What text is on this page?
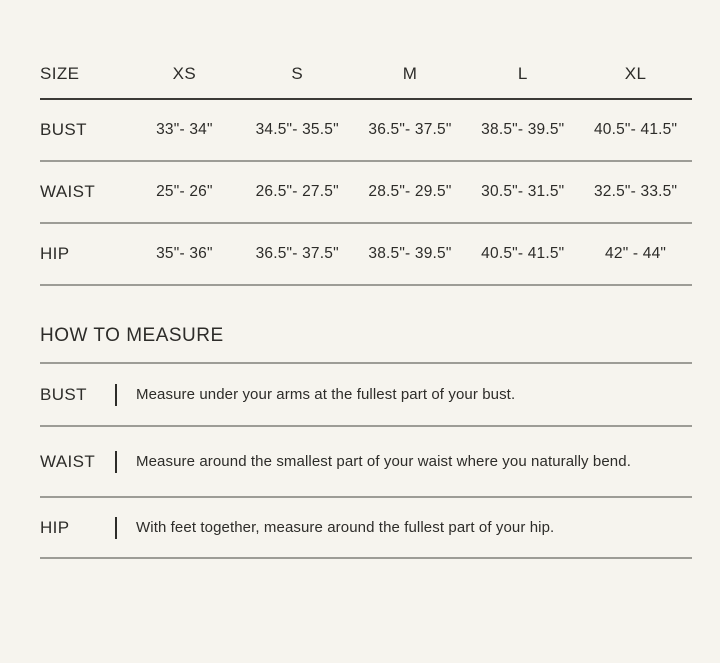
SIZE	XS	S	M	L	XL
BUST	33"- 34"	34.5"- 35.5"	36.5"- 37.5"	38.5"- 39.5"	40.5"- 41.5"
WAIST	25"- 26"	26.5"- 27.5"	28.5"- 29.5"	30.5"- 31.5"	32.5"- 33.5"
HIP	35"- 36"	36.5"- 37.5"	38.5"- 39.5"	40.5"- 41.5"	42" - 44"
HOW TO MEASURE
BUST	Measure under your arms at the fullest part of your bust.
WAIST	Measure around the smallest part of your waist where you naturally bend.
HIP	With feet together, measure around the fullest part of your hip.
